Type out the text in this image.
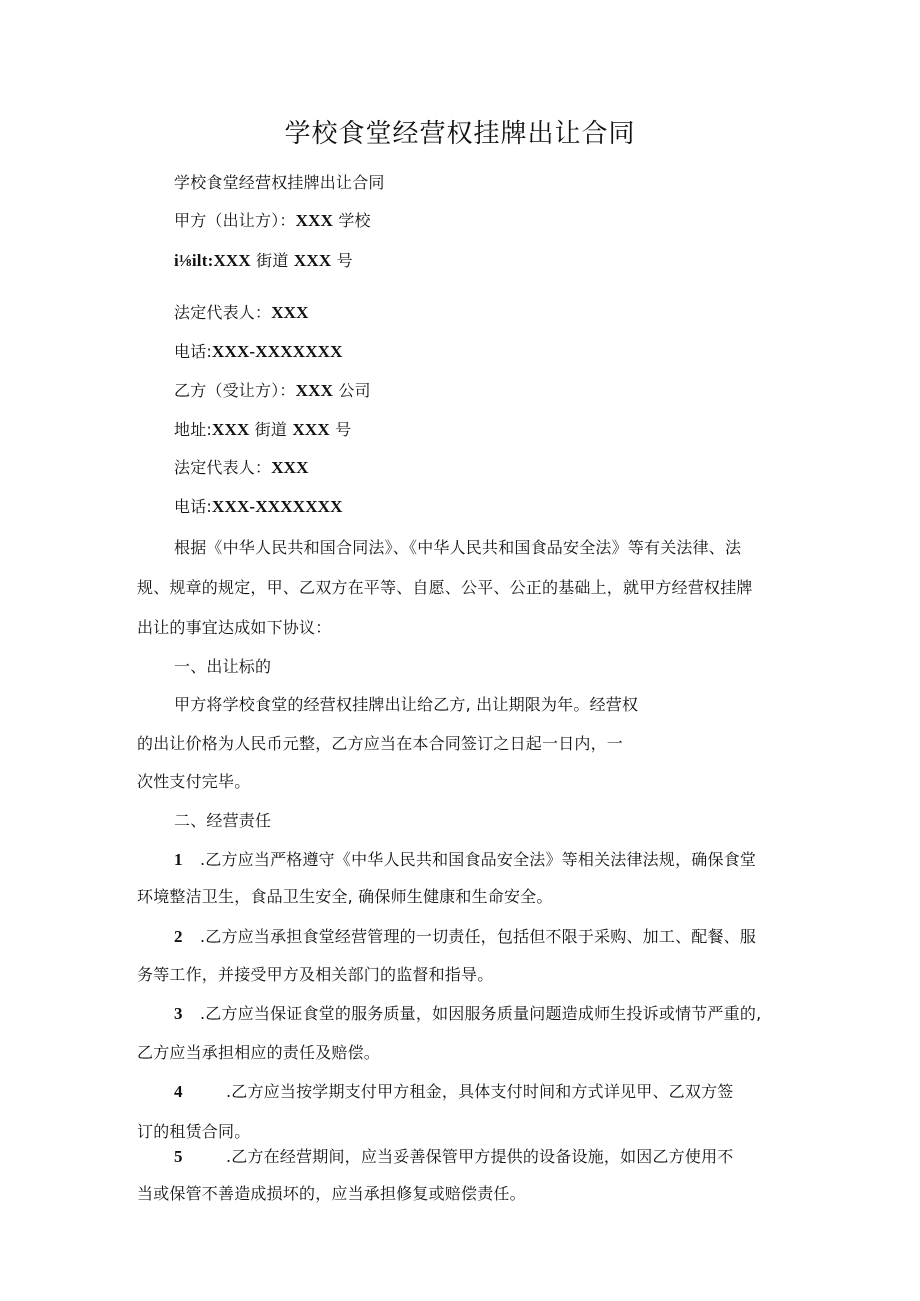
学校食堂经营权挂牌出让合同
学校食堂经营权挂牌出让合同
甲方（出让方）：XXX 学校
i⅛ilt:XXX 街道 XXX 号
法定代表人：XXX
电话:XXX-XXXXXXX
乙方（受让方）：XXX 公司
地址:XXX 街道 XXX 号
法定代表人：XXX
电话:XXX-XXXXXXX
根据《中华人民共和国合同法》、《中华人民共和国食品安全法》等有关法律、法
规、规章的规定，甲、乙双方在平等、自愿、公平、公正的基础上，就甲方经营权挂牌
出让的事宜达成如下协议：
一、出让标的
甲方将学校食堂的经营权挂牌出让给乙方, 出让期限为年。经营权
的出让价格为人民币元整，乙方应当在本合同签订之日起一日内，一
次性支付完毕。
二、经营责任
1 .乙方应当严格遵守《中华人民共和国食品安全法》等相关法律法规，确保食堂
环境整洁卫生，食品卫生安全, 确保师生健康和生命安全。
2 .乙方应当承担食堂经营管理的一切责任，包括但不限于采购、加工、配餐、服
务等工作，并接受甲方及相关部门的监督和指导。
3 .乙方应当保证食堂的服务质量，如因服务质量问题造成师生投诉或情节严重的,
乙方应当承担相应的责任及赔偿。
4	.乙方应当按学期支付甲方租金，具体支付时间和方式详见甲、乙双方签
订的租赁合同。
5	.乙方在经营期间，应当妥善保管甲方提供的设备设施，如因乙方使用不
当或保管不善造成损坏的，应当承担修复或赔偿责任。
